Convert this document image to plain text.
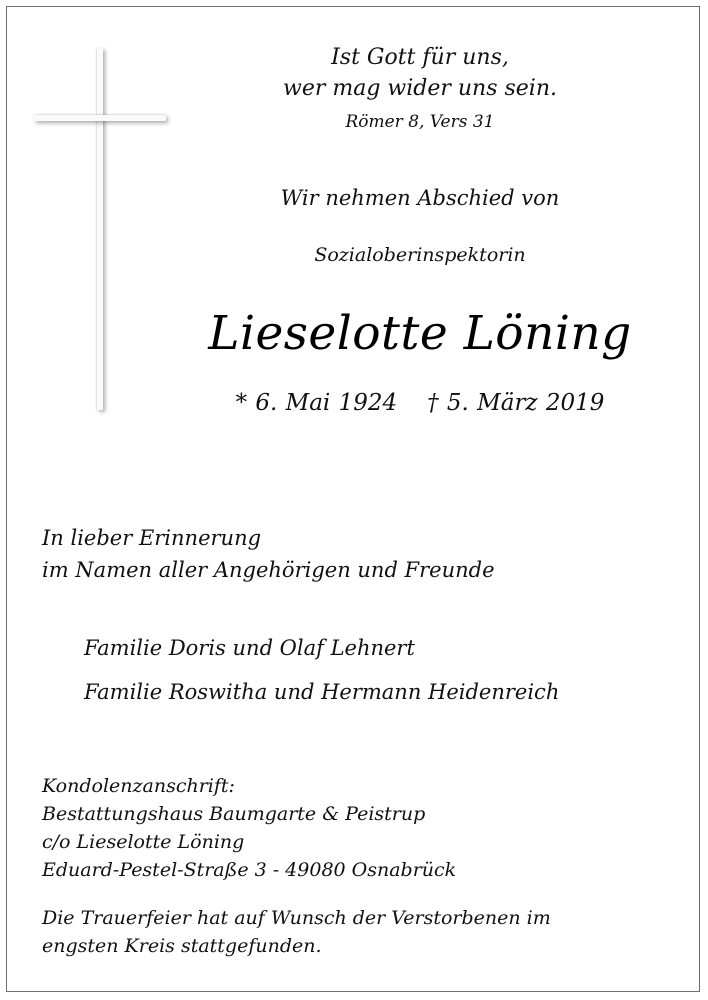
Ist Gott für uns,
wer mag wider uns sein.
Römer 8, Vers 31
Wir nehmen Abschied von
Sozialoberinspektorin
Lieselotte Löning
* 6. Mai 1924 † 5. März 2019
In lieber Erinnerung
im Namen aller Angehörigen und Freunde
Familie Doris und Olaf Lehnert
Familie Roswitha und Hermann Heidenreich
Kondolenzanschrift:
Bestattungshaus Baumgarte & Peistrup
c/o Lieselotte Löning
Eduard-Pestel-Straße 3 - 49080 Osnabrück
Die Trauerfeier hat auf Wunsch der Verstorbenen im
engsten Kreis stattgefunden.
